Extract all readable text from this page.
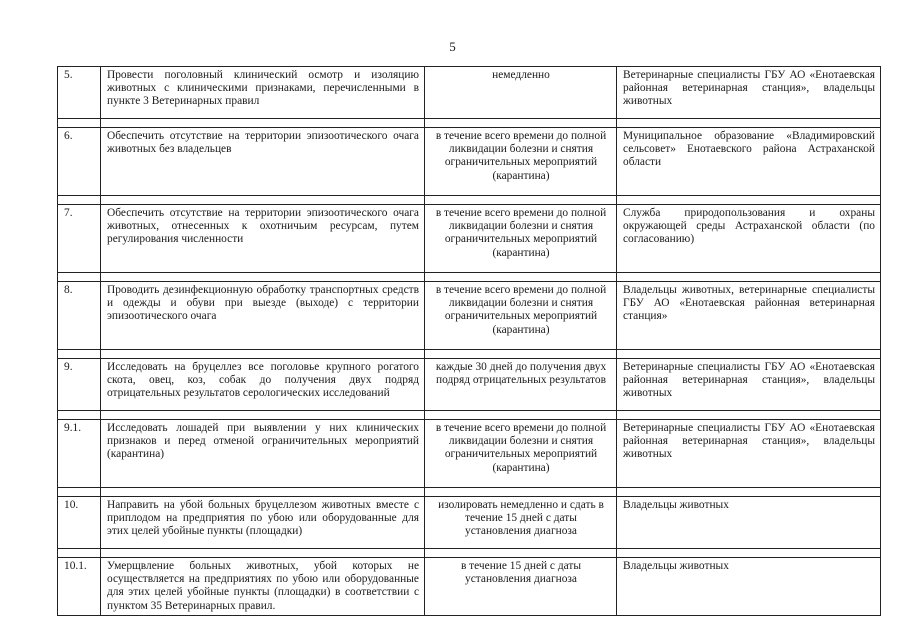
5
5.	Провести поголовный клинический осмотр и изоляцию животных с клиническими признаками, перечисленными в пункте 3 Ветеринарных правил	немедленно	Ветеринарные специалисты ГБУ АО «Енотаевская районная ветеринарная станция», владельцы животных

6.	Обеспечить отсутствие на территории эпизоотического очага животных без владельцев	в течение всего времени до полной ликвидации болезни и снятия ограничительных мероприятий (карантина)	Муниципальное образование «Владимировский сельсовет» Енотаевского района Астраханской области

7.	Обеспечить отсутствие на территории эпизоотического очага животных, отнесенных к охотничьим ресурсам, путем регулирования численности	в течение всего времени до полной ликвидации болезни и снятия ограничительных мероприятий (карантина)	Служба природопользования и охраны окружающей среды Астраханской области (по согласованию)

8.	Проводить дезинфекционную обработку транспортных средств и одежды и обуви при выезде (выходе) с территории эпизоотического очага	в течение всего времени до полной ликвидации болезни и снятия ограничительных мероприятий (карантина)	Владельцы животных, ветеринарные специалисты ГБУ АО «Енотаевская районная ветеринарная станция»

9.	Исследовать на бруцеллез все поголовье крупного рогатого скота, овец, коз, собак до получения двух подряд отрицательных результатов серологических исследований	каждые 30 дней до получения двух подряд отрицательных результатов	Ветеринарные специалисты ГБУ АО «Енотаевская районная ветеринарная станция», владельцы животных

9.1.	Исследовать лошадей при выявлении у них клинических признаков и перед отменой ограничительных мероприятий (карантина)	в течение всего времени до полной ликвидации болезни и снятия ограничительных мероприятий (карантина)	Ветеринарные специалисты ГБУ АО «Енотаевская районная ветеринарная станция», владельцы животных

10.	Направить на убой больных бруцеллезом животных вместе с приплодом на предприятия по убою или оборудованные для этих целей убойные пункты (площадки)	изолировать немедленно и сдать в течение 15 дней с даты установления диагноза	Владельцы животных

10.1.	Умерщвление больных животных, убой которых не осуществляется на предприятиях по убою или оборудованные для этих целей убойные пункты (площадки) в соответствии с пунктом 35 Ветеринарных правил.	в течение 15 дней с даты установления диагноза	Владельцы животных
